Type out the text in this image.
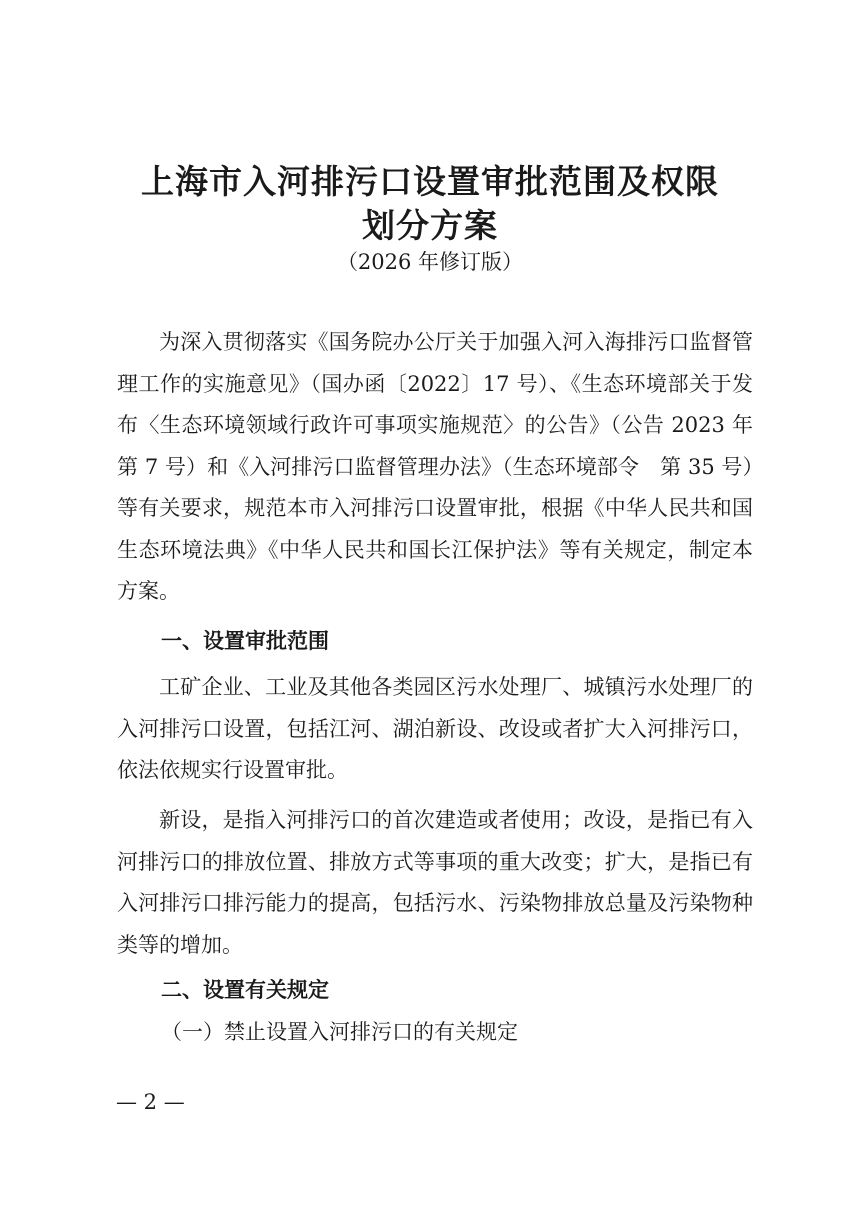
上海市入河排污口设置审批范围及权限
划分方案
（2026 年修订版）

为深入贯彻落实《国务院办公厅关于加强入河入海排污口监督管理工作的实施意见》（国办函〔2022〕17 号）、《生态环境部关于发布〈生态环境领域行政许可事项实施规范〉的公告》（公告 2023 年第 7 号）和《入河排污口监督管理办法》（生态环境部令　第 35 号）等有关要求，规范本市入河排污口设置审批，根据《中华人民共和国生态环境法典》《中华人民共和国长江保护法》等有关规定，制定本方案。

一、设置审批范围

工矿企业、工业及其他各类园区污水处理厂、城镇污水处理厂的入河排污口设置，包括江河、湖泊新设、改设或者扩大入河排污口，依法依规实行设置审批。

新设，是指入河排污口的首次建造或者使用；改设，是指已有入河排污口的排放位置、排放方式等事项的重大改变；扩大，是指已有入河排污口排污能力的提高，包括污水、污染物排放总量及污染物种类等的增加。

二、设置有关规定
（一）禁止设置入河排污口的有关规定
— 2 —
